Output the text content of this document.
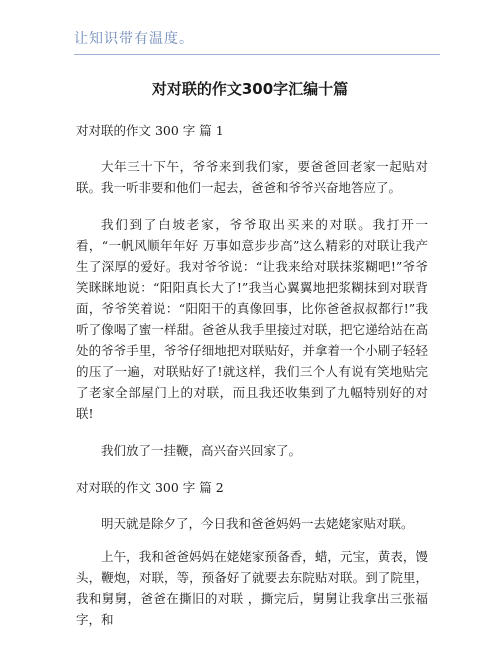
让知识带有温度。
对对联的作文300字汇编十篇
对对联的作文 300 字 篇 1

大年三十下午，爷爷来到我们家，要爸爸回老家一起贴对联。我一听非要和他们一起去，爸爸和爷爷兴奋地答应了。

我们到了白坡老家，爷爷取出买来的对联。我打开一看，“一帆风顺年年好 万事如意步步高”这么精彩的对联让我产生了深厚的爱好。我对爷爷说：“让我来给对联抹浆糊吧!”爷爷笑眯眯地说：“阳阳真长大了!”我当心翼翼地把浆糊抹到对联背面，爷爷笑着说：“阳阳干的真像回事，比你爸爸叔叔都行!”我听了像喝了蜜一样甜。爸爸从我手里接过对联，把它递给站在高处的爷爷手里，爷爷仔细地把对联贴好，并拿着一个小刷子轻轻的压了一遍，对联贴好了!就这样，我们三个人有说有笑地贴完了老家全部屋门上的对联，而且我还收集到了九幅特别好的对联!

我们放了一挂鞭，高兴奋兴回家了。

对对联的作文 300 字 篇 2

明天就是除夕了，今日我和爸爸妈妈一去姥姥家贴对联。

上午，我和爸爸妈妈在姥姥家预备香，蜡，元宝，黄表，馒头，鞭炮，对联，等，预备好了就要去东院贴对联。到了院里，我和舅舅，爸爸在撕旧的对联 ，撕完后，舅舅让我拿出三张福字，和
